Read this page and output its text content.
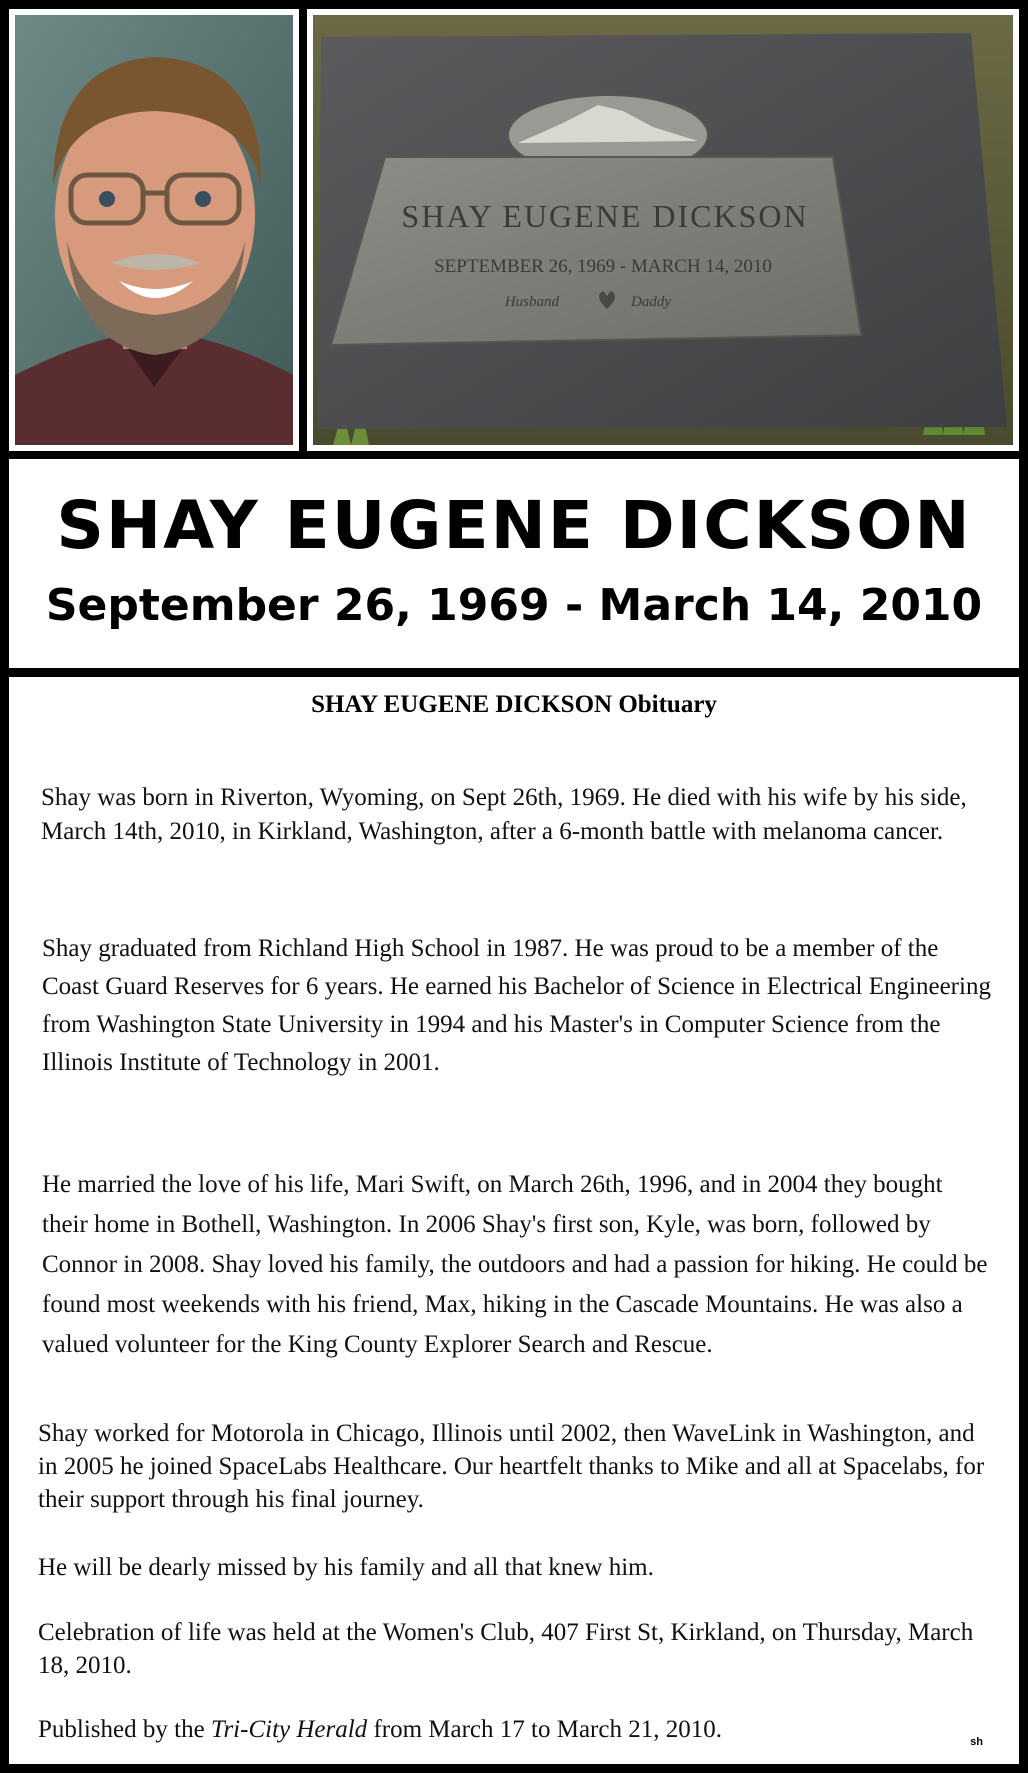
SHAY EUGENE DICKSON
SEPTEMBER 26, 1969 - MARCH 14, 2010
Husband	Daddy
SHAY EUGENE DICKSON
September 26, 1969 - March 14, 2010
SHAY EUGENE DICKSON Obituary

Shay was born in Riverton, Wyoming, on Sept 26th, 1969. He died with his wife by his side, March 14th, 2010, in Kirkland, Washington, after a 6-month battle with melanoma cancer.

Shay graduated from Richland High School in 1987. He was proud to be a member of the Coast Guard Reserves for 6 years. He earned his Bachelor of Science in Electrical Engineering from Washington State University in 1994 and his Master's in Computer Science from the Illinois Institute of Technology in 2001.

He married the love of his life, Mari Swift, on March 26th, 1996, and in 2004 they bought their home in Bothell, Washington. In 2006 Shay's first son, Kyle, was born, followed by Connor in 2008. Shay loved his family, the outdoors and had a passion for hiking. He could be found most weekends with his friend, Max, hiking in the Cascade Mountains. He was also a valued volunteer for the King County Explorer Search and Rescue.

Shay worked for Motorola in Chicago, Illinois until 2002, then WaveLink in Washington, and in 2005 he joined SpaceLabs Healthcare. Our heartfelt thanks to Mike and all at Spacelabs, for their support through his final journey.

He will be dearly missed by his family and all that knew him.

Celebration of life was held at the Women's Club, 407 First St, Kirkland, on Thursday, March 18, 2010.

Published by the Tri-City Herald from March 17 to March 21, 2010.	sh
